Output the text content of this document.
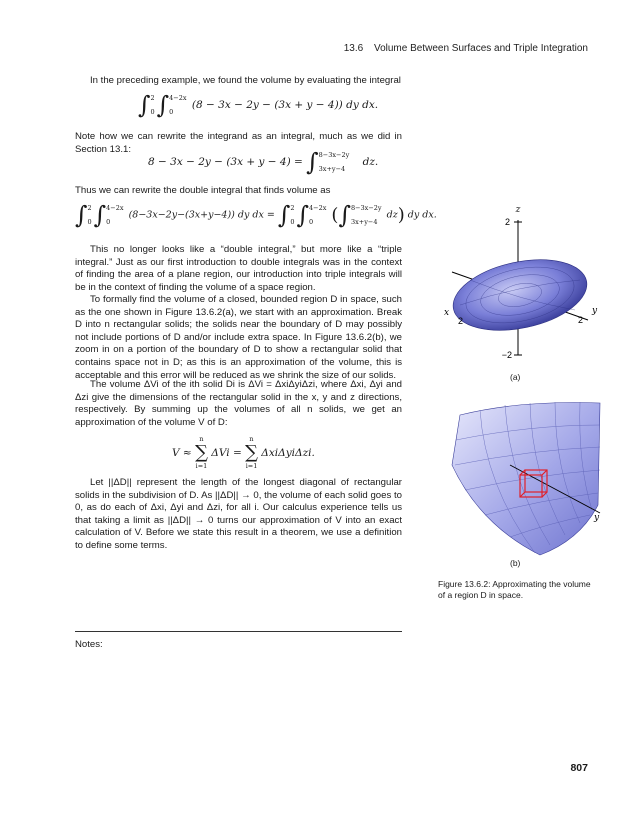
13.6 Volume Between Surfaces and Triple Integration

In the preceding example, we found the volume by evaluating the integral

∫2

0∫4−2x

0 (8 − 3x − 2y − (3x + y − 4)) dy dx.

Note how we can rewrite the integrand as an integral, much as we did in Section 13.1:

8 − 3x − 2y − (3x + y − 4) = ∫8−3x−2y

3x+y−4 dz.

Thus we can rewrite the double integral that finds volume as

∫2

0∫4−2x

0 (8−3x−2y−(3x+y−4)) dy dx = ∫2

0∫4−2x

0 (∫8−3x−2y

3x+y−4 dz) dy dx.

This no longer looks like a “double integral,” but more like a “triple integral.” Just as our first introduction to double integrals was in the context of finding the area of a plane region, our introduction into triple integrals will be in the context of finding the volume of a space region.

To formally find the volume of a closed, bounded region D in space, such as the one shown in Figure 13.6.2(a), we start with an approximation. Break D into n rectangular solids; the solids near the boundary of D may possibly not include portions of D and/or include extra space. In Figure 13.6.2(b), we zoom in on a portion of the boundary of D to show a rectangular solid that contains space not in D; as this is an approximation of the volume, this is acceptable and this error will be reduced as we shrink the size of our solids.

The volume ΔVi of the ith solid Di is ΔVi = ΔxiΔyiΔzi, where Δxi, Δyi and Δzi give the dimensions of the rectangular solid in the x, y and z directions, respectively. By summing up the volumes of all n solids, we get an approximation of the volume V of D:

V ≈
n
∑
i=1
ΔVi =
n
∑
i=1
ΔxiΔyiΔzi.

Let ||ΔD|| represent the length of the longest diagonal of rectangular solids in the subdivision of D. As ||ΔD|| → 0, the volume of each solid goes to 0, as do each of Δxi, Δyi and Δzi, for all i. Our calculus experience tells us that taking a limit as ||ΔD|| → 0 turns our approximation of V into an exact calculation of V. Before we state this result in a theorem, we use a definition to define some terms.

z
2
−2
x
2
y
2
(a)
y
(b)
Figure 13.6.2: Approximating the volume of a region D in space.
Notes:
807
